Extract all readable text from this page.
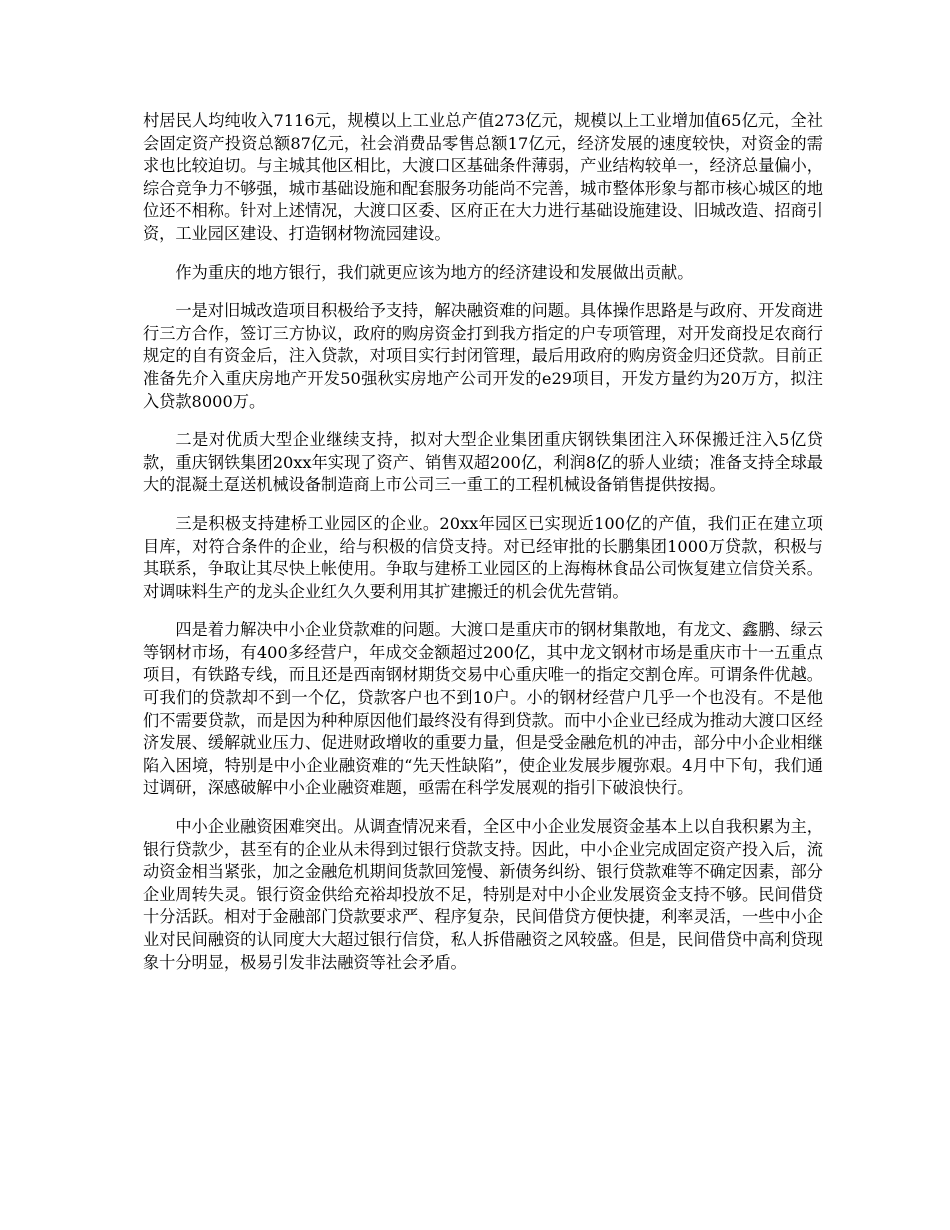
村居民人均纯收入7116元，规模以上工业总产值273亿元，规模以上工业增加值65亿元，全社会固定资产投资总额87亿元，社会消费品零售总额17亿元，经济发展的速度较快，对资金的需求也比较迫切。与主城其他区相比，大渡口区基础条件薄弱，产业结构较单一，经济总量偏小，综合竞争力不够强，城市基础设施和配套服务功能尚不完善，城市整体形象与都市核心城区的地位还不相称。针对上述情况，大渡口区委、区府正在大力进行基础设施建设、旧城改造、招商引资，工业园区建设、打造钢材物流园建设。

作为重庆的地方银行，我们就更应该为地方的经济建设和发展做出贡献。

一是对旧城改造项目积极给予支持，解决融资难的问题。具体操作思路是与政府、开发商进行三方合作，签订三方协议，政府的购房资金打到我方指定的户专项管理，对开发商投足农商行规定的自有资金后，注入贷款，对项目实行封闭管理，最后用政府的购房资金归还贷款。目前正准备先介入重庆房地产开发50强秋实房地产公司开发的e29项目，开发方量约为20万方，拟注入贷款8000万。

二是对优质大型企业继续支持，拟对大型企业集团重庆钢铁集团注入环保搬迁注入5亿贷款，重庆钢铁集团20xx年实现了资产、销售双超200亿，利润8亿的骄人业绩；准备支持全球最大的混凝土趸送机械设备制造商上市公司三一重工的工程机械设备销售提供按揭。

三是积极支持建桥工业园区的企业。20xx年园区已实现近100亿的产值，我们正在建立项目库，对符合条件的企业，给与积极的信贷支持。对已经审批的长鹏集团1000万贷款，积极与其联系，争取让其尽快上帐使用。争取与建桥工业园区的上海梅林食品公司恢复建立信贷关系。对调味料生产的龙头企业红久久要利用其扩建搬迁的机会优先营销。

四是着力解决中小企业贷款难的问题。大渡口是重庆市的钢材集散地，有龙文、鑫鹏、绿云等钢材市场，有400多经营户，年成交金额超过200亿，其中龙文钢材市场是重庆市十一五重点项目，有铁路专线，而且还是西南钢材期货交易中心重庆唯一的指定交割仓库。可谓条件优越。可我们的贷款却不到一个亿，贷款客户也不到10户。小的钢材经营户几乎一个也没有。不是他们不需要贷款，而是因为种种原因他们最终没有得到贷款。而中小企业已经成为推动大渡口区经济发展、缓解就业压力、促进财政增收的重要力量，但是受金融危机的冲击，部分中小企业相继陷入困境，特别是中小企业融资难的“先天性缺陷”，使企业发展步履弥艰。4月中下旬，我们通过调研，深感破解中小企业融资难题，亟需在科学发展观的指引下破浪快行。

中小企业融资困难突出。从调查情况来看，全区中小企业发展资金基本上以自我积累为主，银行贷款少，甚至有的企业从未得到过银行贷款支持。因此，中小企业完成固定资产投入后，流动资金相当紧张，加之金融危机期间货款回笼慢、新债务纠纷、银行贷款难等不确定因素，部分企业周转失灵。银行资金供给充裕却投放不足，特别是对中小企业发展资金支持不够。民间借贷十分活跃。相对于金融部门贷款要求严、程序复杂，民间借贷方便快捷，利率灵活，一些中小企业对民间融资的认同度大大超过银行信贷，私人拆借融资之风较盛。但是，民间借贷中高利贷现象十分明显，极易引发非法融资等社会矛盾。
